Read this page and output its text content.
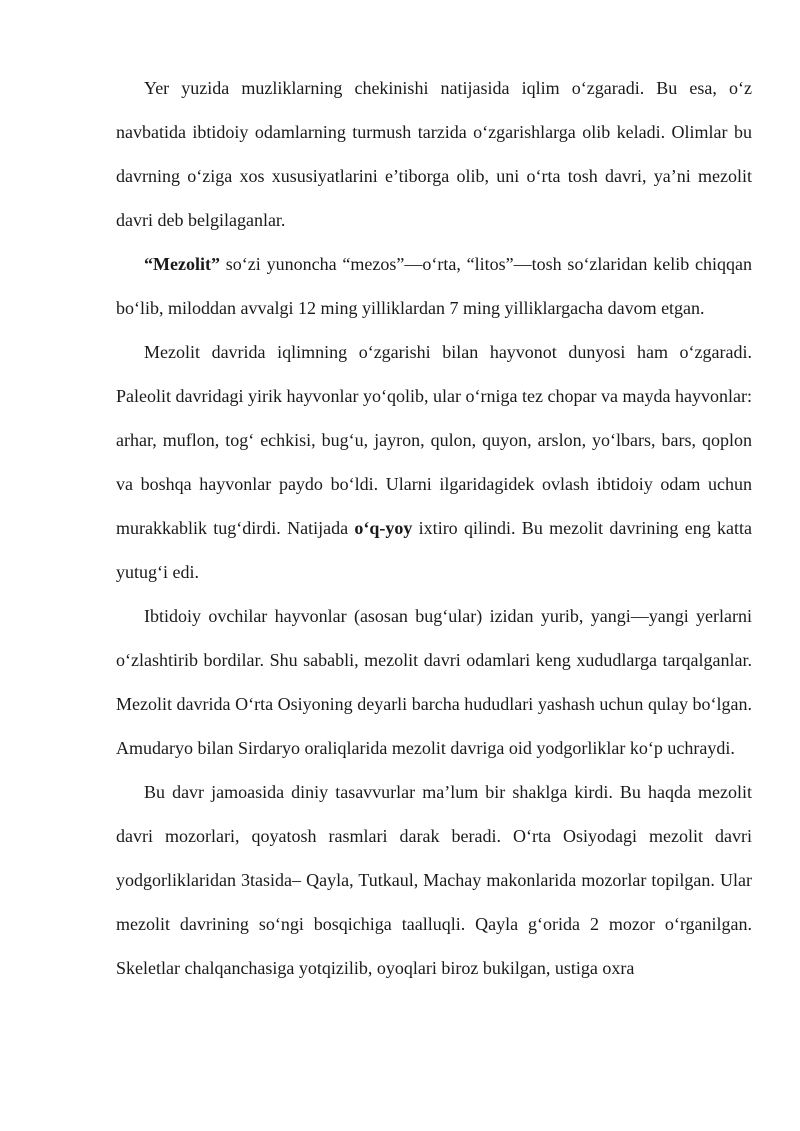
Yer yuzida muzliklarning chekinishi natijasida iqlim o‘zgaradi. Bu esa, o‘z navbatida ibtidoiy odamlarning turmush tarzida o‘zgarishlarga olib keladi. Olimlar bu davrning o‘ziga xos xususiyatlarini e’tiborga olib, uni o‘rta tosh davri, ya’ni mezolit davri deb belgilaganlar.

“Mezolit” so‘zi yunoncha “mezos”—o‘rta, “litos”—tosh so‘zlaridan kelib chiqqan bo‘lib, miloddan avvalgi 12 ming yilliklardan 7 ming yilliklargacha davom etgan.

Mezolit davrida iqlimning o‘zgarishi bilan hayvonot dunyosi ham o‘zgaradi. Paleolit davridagi yirik hayvonlar yo‘qolib, ular o‘rniga tez chopar va mayda hayvonlar: arhar, muflon, tog‘ echkisi, bug‘u, jayron, qulon, quyon, arslon, yo‘lbars, bars, qoplon va boshqa hayvonlar paydo bo‘ldi. Ularni ilgaridagidek ovlash ibtidoiy odam uchun murakkablik tug‘dirdi. Natijada o‘q-yoy ixtiro qilindi. Bu mezolit davrining eng katta yutug‘i edi.

Ibtidoiy ovchilar hayvonlar (asosan bug‘ular) izidan yurib, yangi—yangi yerlarni o‘zlashtirib bordilar. Shu sababli, mezolit davri odamlari keng xududlarga tarqalganlar. Mezolit davrida O‘rta Osiyoning deyarli barcha hududlari yashash uchun qulay bo‘lgan. Amudaryo bilan Sirdaryo oraliqlarida mezolit davriga oid yodgorliklar ko‘p uchraydi.

Bu davr jamoasida diniy tasavvurlar ma’lum bir shaklga kirdi. Bu haqda mezolit davri mozorlari, qoyatosh rasmlari darak beradi. O‘rta Osiyodagi mezolit davri yodgorliklaridan 3tasida– Qayla, Tutkaul, Machay makonlarida mozorlar topilgan. Ular mezolit davrining so‘ngi bosqichiga taalluqli. Qayla g‘orida 2 mozor o‘rganilgan. Skeletlar chalqanchasiga yotqizilib, oyoqlari biroz bukilgan, ustiga oxra
